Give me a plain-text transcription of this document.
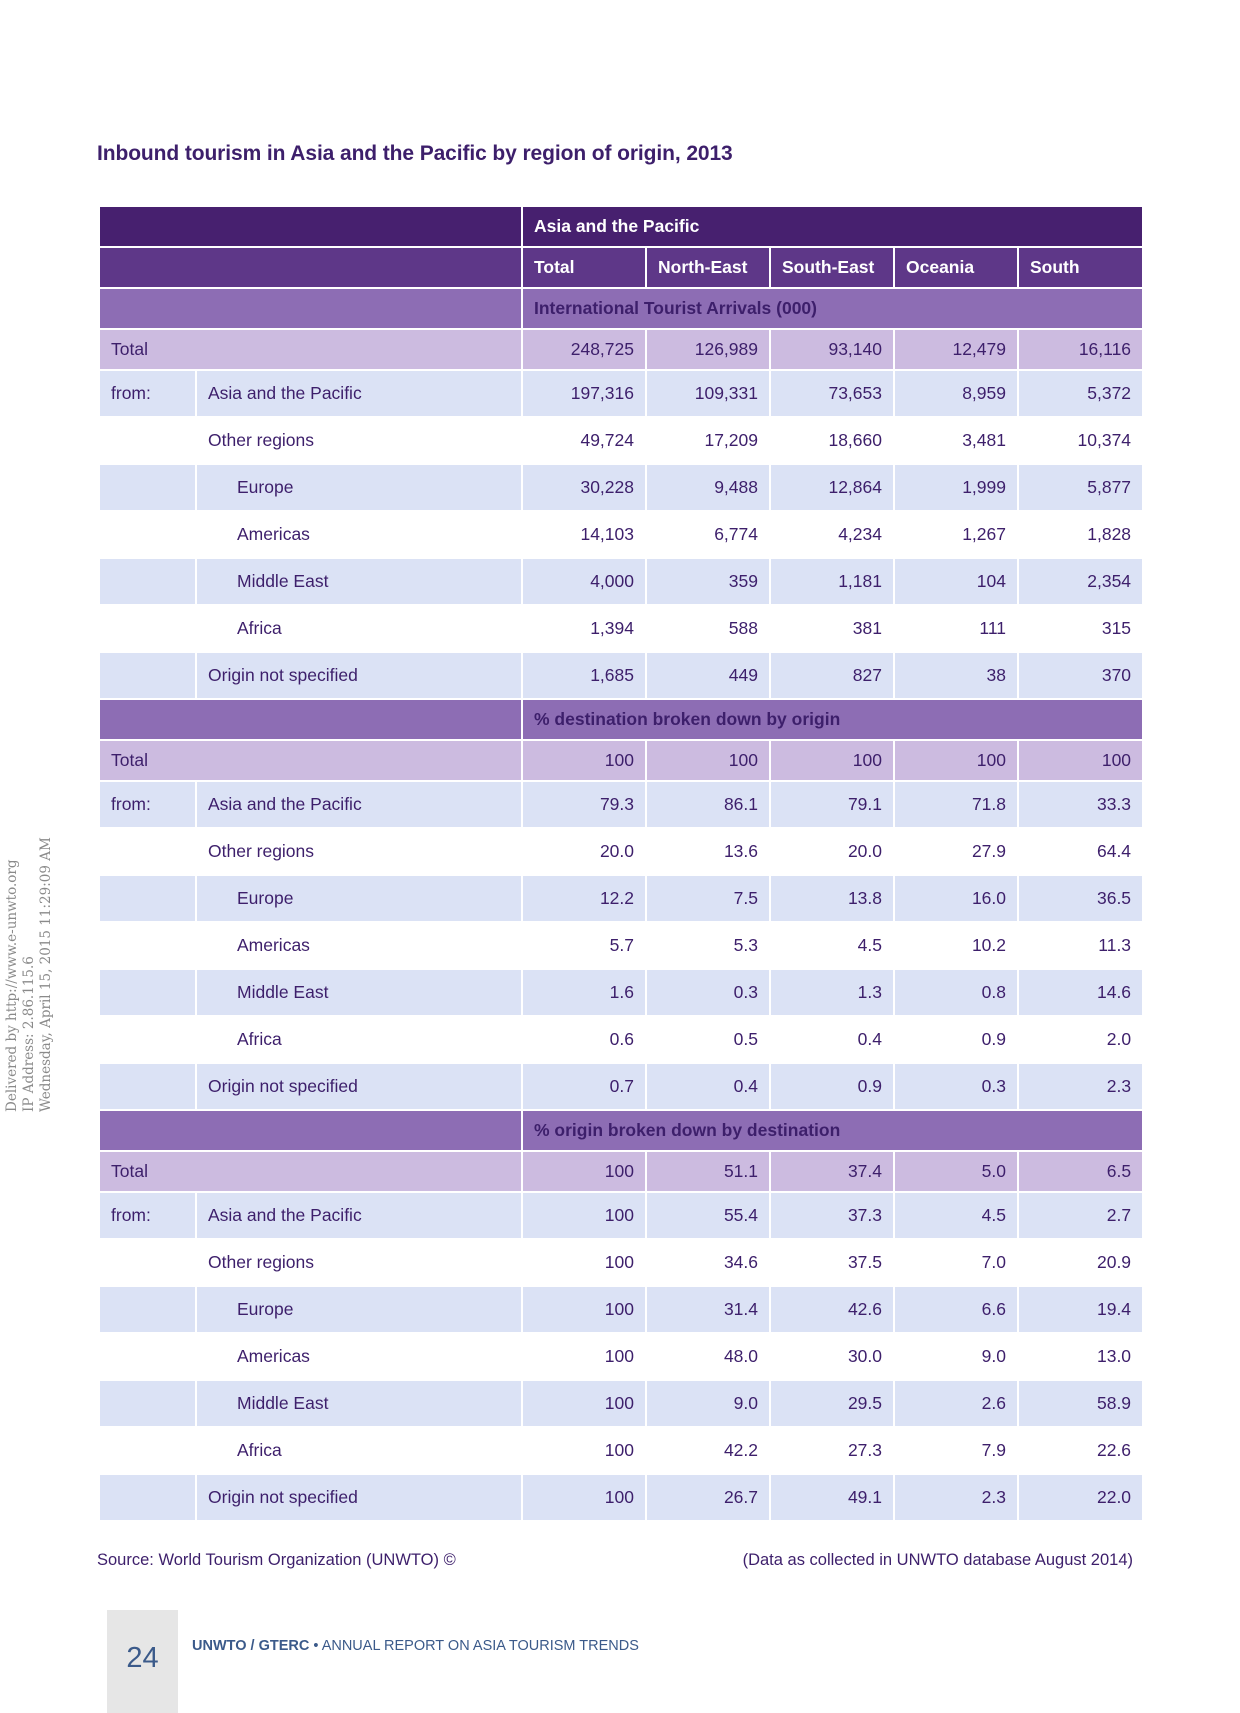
Inbound tourism in Asia and the Pacific by region of origin, 2013
		Asia and the Pacific				
		Total	North-East	South-East	Oceania	South
		International Tourist Arrivals (000)				
Total		248,725	126,989	93,140	12,479	16,116
from:	Asia and the Pacific	197,316	109,331	73,653	8,959	5,372
	Other regions	49,724	17,209	18,660	3,481	10,374
	Europe	30,228	9,488	12,864	1,999	5,877
	Americas	14,103	6,774	4,234	1,267	1,828
	Middle East	4,000	359	1,181	104	2,354
	Africa	1,394	588	381	111	315
	Origin not specified	1,685	449	827	38	370
		% destination broken down by origin				
Total		100	100	100	100	100
from:	Asia and the Pacific	79.3	86.1	79.1	71.8	33.3
	Other regions	20.0	13.6	20.0	27.9	64.4
	Europe	12.2	7.5	13.8	16.0	36.5
	Americas	5.7	5.3	4.5	10.2	11.3
	Middle East	1.6	0.3	1.3	0.8	14.6
	Africa	0.6	0.5	0.4	0.9	2.0
	Origin not specified	0.7	0.4	0.9	0.3	2.3
		% origin broken down by destination				
Total		100	51.1	37.4	5.0	6.5
from:	Asia and the Pacific	100	55.4	37.3	4.5	2.7
	Other regions	100	34.6	37.5	7.0	20.9
	Europe	100	31.4	42.6	6.6	19.4
	Americas	100	48.0	30.0	9.0	13.0
	Middle East	100	9.0	29.5	2.6	58.9
	Africa	100	42.2	27.3	7.9	22.6
	Origin not specified	100	26.7	49.1	2.3	22.0
Source: World Tourism Organization (UNWTO) ©	(Data as collected in UNWTO database August 2014)
Delivered by http://www.e-unwto.org IP Address: 2.86.115.6 Wednesday, April 15, 2015 11:29:09 AM
24	UNWTO / GTERC • ANNUAL REPORT ON ASIA TOURISM TRENDS
